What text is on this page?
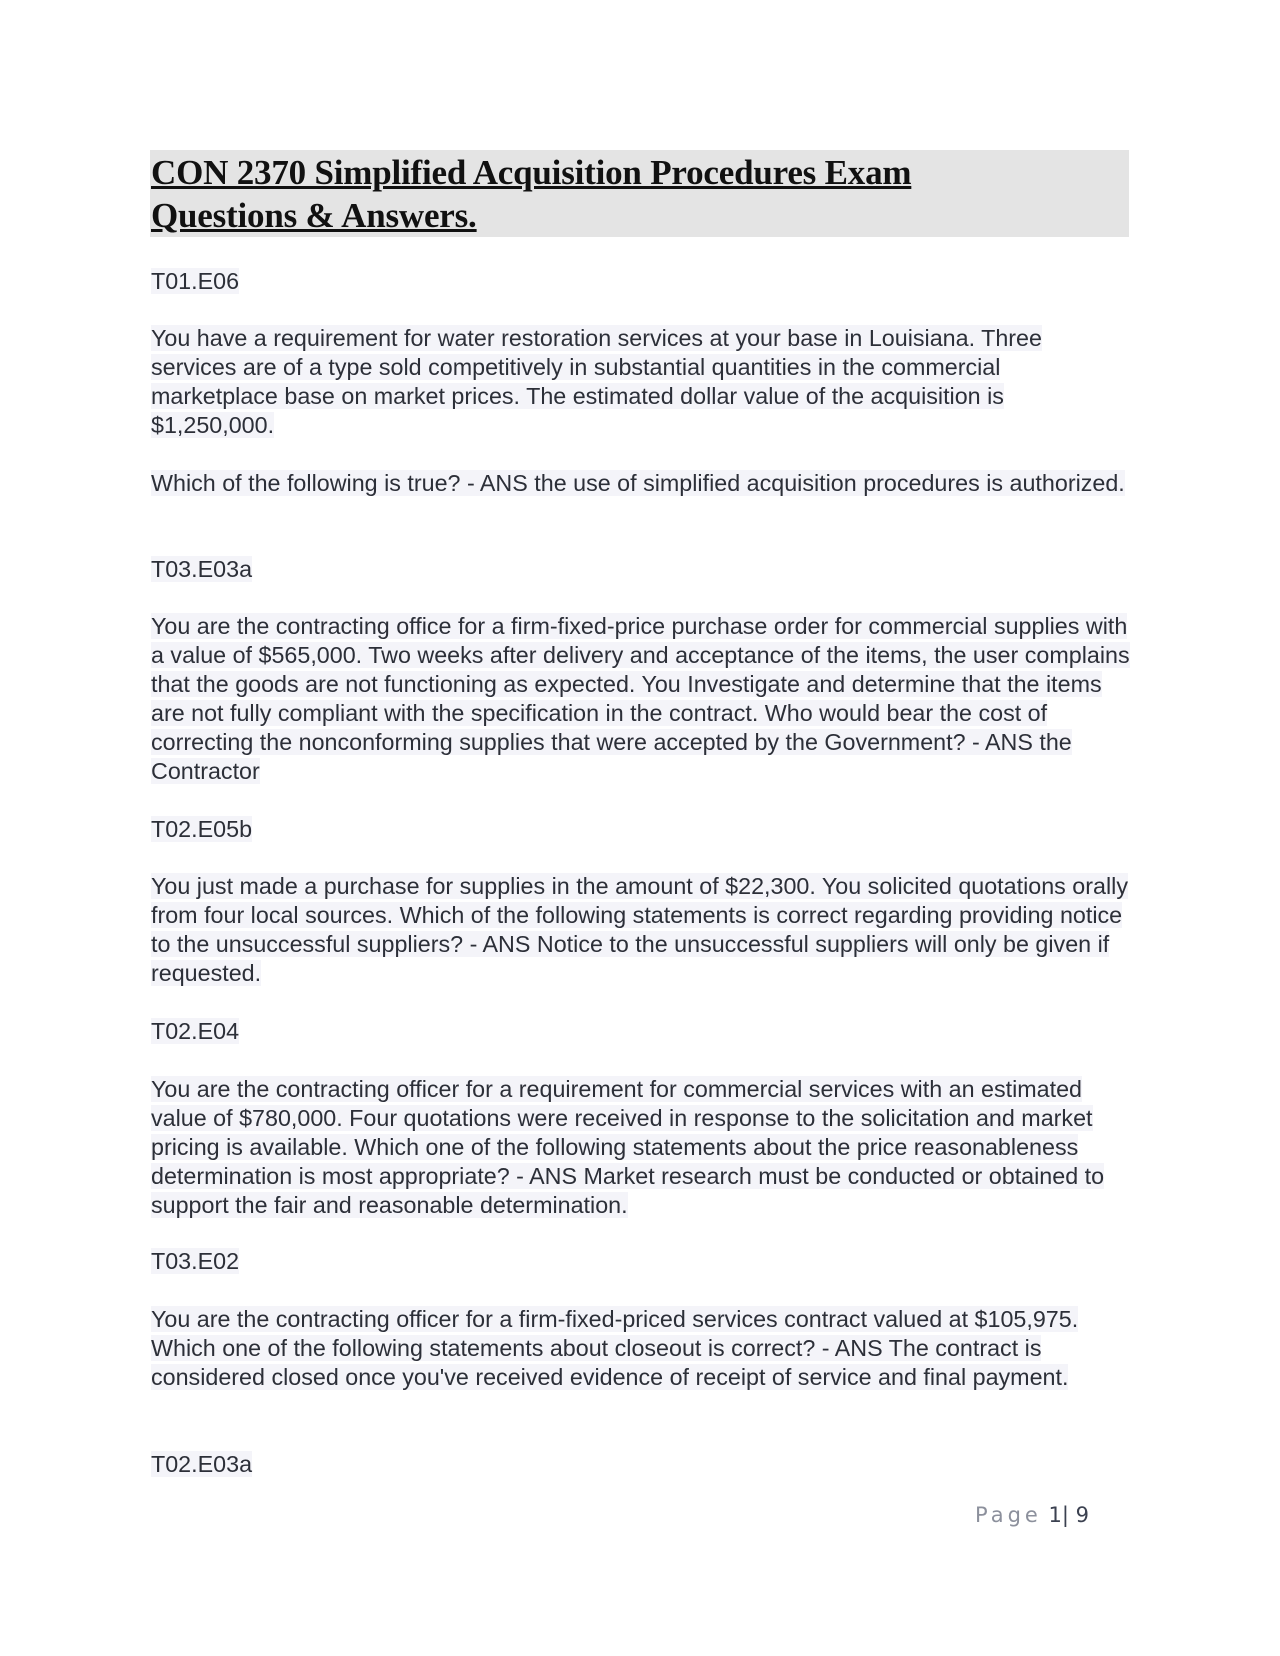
CON 2370 Simplified Acquisition Procedures Exam
Questions & Answers.

T01.E06

You have a requirement for water restoration services at your base in Louisiana. Three services are of a type sold competitively in substantial quantities in the commercial marketplace base on market prices. The estimated dollar value of the acquisition is $1,250,000.

Which of the following is true? - ANS the use of simplified acquisition procedures is authorized.

T03.E03a

You are the contracting office for a firm-fixed-price purchase order for commercial supplies with a value of $565,000. Two weeks after delivery and acceptance of the items, the user complains that the goods are not functioning as expected. You Investigate and determine that the items are not fully compliant with the specification in the contract. Who would bear the cost of correcting the nonconforming supplies that were accepted by the Government? - ANS the Contractor

T02.E05b

You just made a purchase for supplies in the amount of $22,300. You solicited quotations orally from four local sources. Which of the following statements is correct regarding providing notice to the unsuccessful suppliers? - ANS Notice to the unsuccessful suppliers will only be given if requested.

T02.E04

You are the contracting officer for a requirement for commercial services with an estimated value of $780,000. Four quotations were received in response to the solicitation and market pricing is available. Which one of the following statements about the price reasonableness determination is most appropriate? - ANS Market research must be conducted or obtained to support the fair and reasonable determination.

T03.E02

You are the contracting officer for a firm-fixed-priced services contract valued at $105,975. Which one of the following statements about closeout is correct? - ANS The contract is considered closed once you've received evidence of receipt of service and final payment.

T02.E03a

Page 1| 9
